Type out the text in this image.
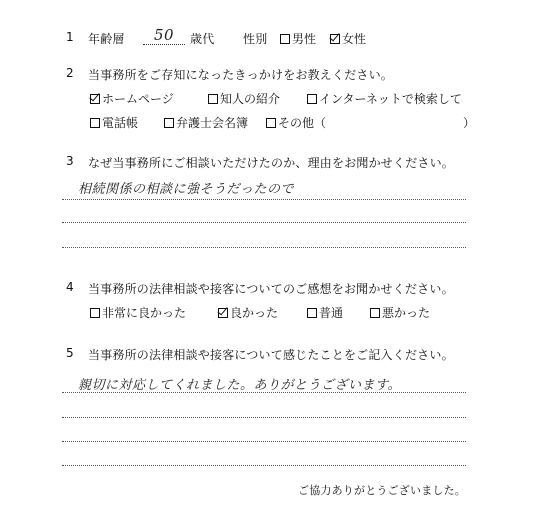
1 年齢層	50	歳代 性別 男性 女性
2 当事務所をご存知になったきっかけをお教えください。
ホームページ	知人の紹介	インターネットで検索して
電話帳	弁護士会名簿 その他（	）
3 なぜ当事務所にご相談いただけたのか、理由をお聞かせください。
相続関係の相談に強そうだったので
4 当事務所の法律相談や接客についてのご感想をお聞かせください。
非常に良かった	良かった	普通	悪かった
5 当事務所の法律相談や接客について感じたことをご記入ください。
親切に対応してくれました。ありがとうございます。
ご協力ありがとうございました。
